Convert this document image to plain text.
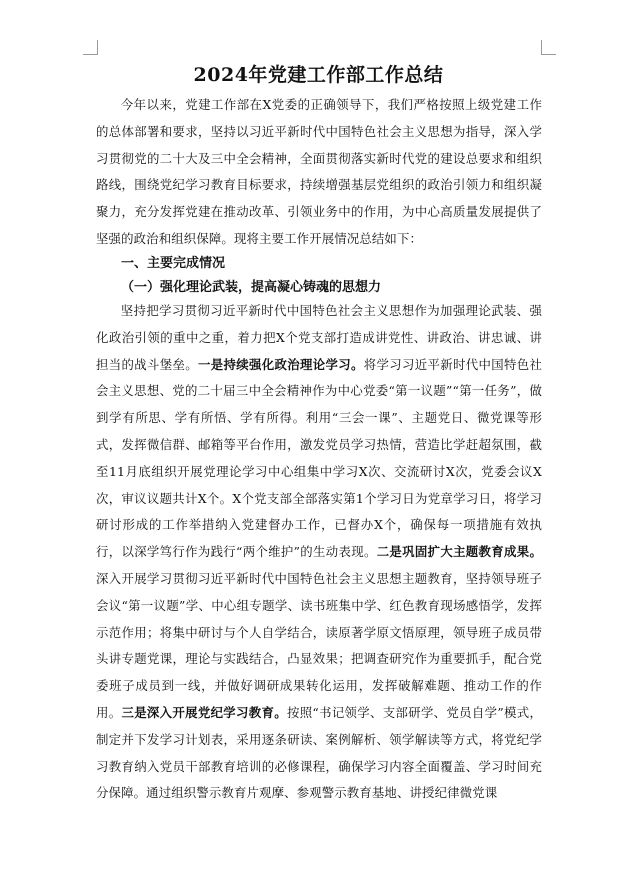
2024年党建工作部工作总结
今年以来，党建工作部在X党委的正确领导下，我们严格按照上级党建工作的总体部署和要求，坚持以习近平新时代中国特色社会主义思想为指导，深入学习贯彻党的二十大及三中全会精神，全面贯彻落实新时代党的建设总要求和组织路线，围绕党纪学习教育目标要求，持续增强基层党组织的政治引领力和组织凝聚力，充分发挥党建在推动改革、引领业务中的作用，为中心高质量发展提供了坚强的政治和组织保障。现将主要工作开展情况总结如下：
一、主要完成情况
（一）强化理论武装，提高凝心铸魂的思想力
坚持把学习贯彻习近平新时代中国特色社会主义思想作为加强理论武装、强化政治引领的重中之重，着力把X个党支部打造成讲党性、讲政治、讲忠诚、讲担当的战斗堡垒。一是持续强化政治理论学习。将学习习近平新时代中国特色社会主义思想、党的二十届三中全会精神作为中心党委“第一议题”“第一任务”，做到学有所思、学有所悟、学有所得。利用“三会一课”、主题党日、微党课等形式，发挥微信群、邮箱等平台作用，激发党员学习热情，营造比学赶超氛围，截至11月底组织开展党理论学习中心组集中学习X次、交流研讨X次，党委会议X次，审议议题共计X个。X个党支部全部落实第1个学习日为党章学习日，将学习研讨形成的工作举措纳入党建督办工作，已督办X个，确保每一项措施有效执行，以深学笃行作为践行“两个维护”的生动表现。二是巩固扩大主题教育成果。深入开展学习贯彻习近平新时代中国特色社会主义思想主题教育，坚持领导班子会议“第一议题”学、中心组专题学、读书班集中学、红色教育现场感悟学，发挥示范作用；将集中研讨与个人自学结合，读原著学原文悟原理，领导班子成员带头讲专题党课，理论与实践结合，凸显效果；把调查研究作为重要抓手，配合党委班子成员到一线，并做好调研成果转化运用，发挥破解难题、推动工作的作用。三是深入开展党纪学习教育。按照“书记领学、支部研学、党员自学”模式，制定并下发学习计划表，采用逐条研读、案例解析、领学解读等方式，将党纪学习教育纳入党员干部教育培训的必修课程，确保学习内容全面覆盖、学习时间充分保障。通过组织警示教育片观摩、参观警示教育基地、讲授纪律微党课
